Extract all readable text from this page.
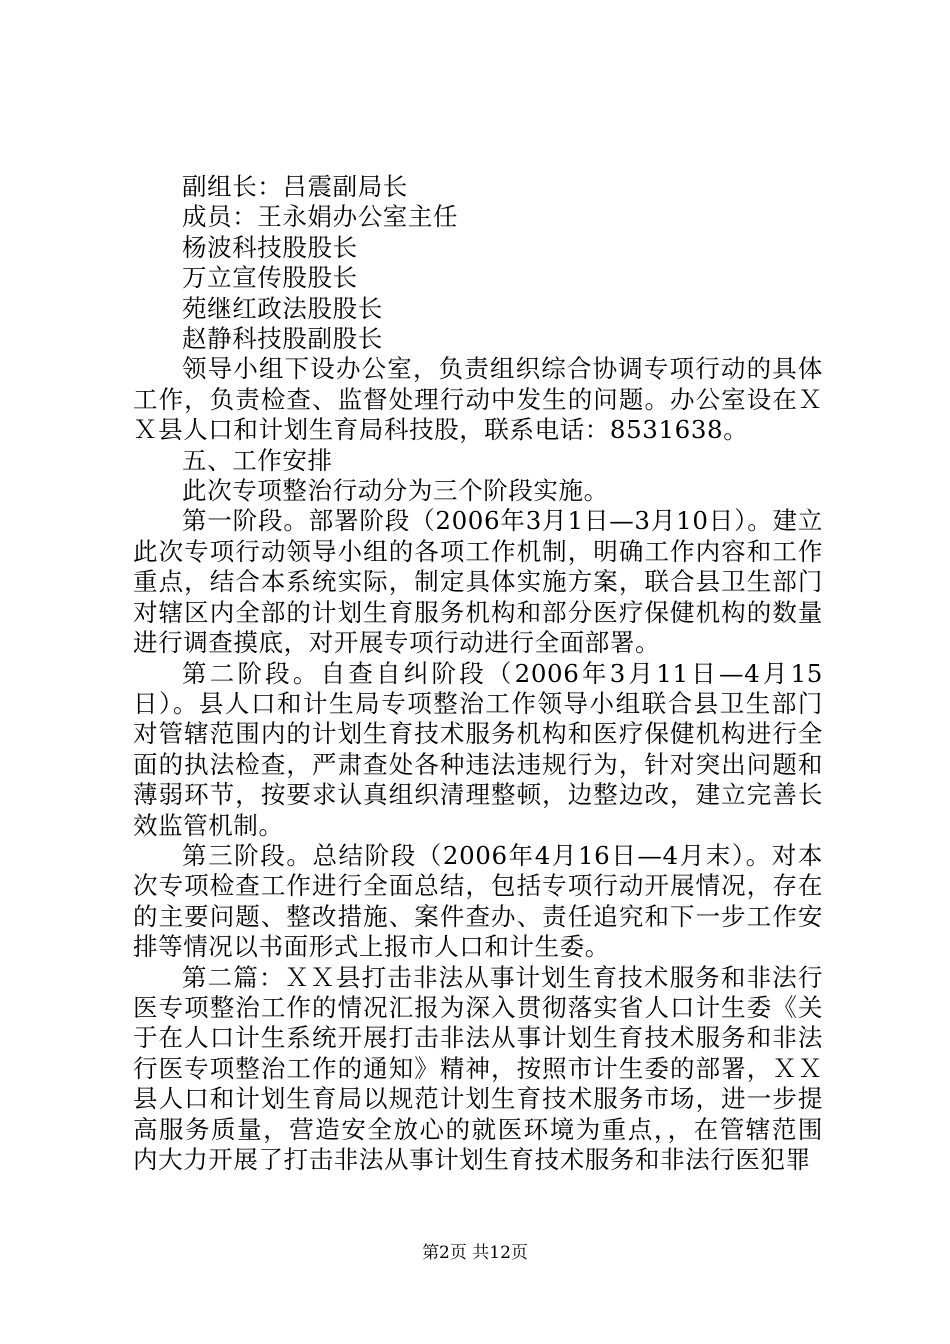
副组长：吕震副局长

成员：王永娟办公室主任

杨波科技股股长

万立宣传股股长

苑继红政法股股长

赵静科技股副股长

领导小组下设办公室，负责组织综合协调专项行动的具体工作，负责检查、监督处理行动中发生的问题。办公室设在ＸＸ县人口和计划生育局科技股，联系电话：8531638。

五、工作安排

此次专项整治行动分为三个阶段实施。

第一阶段。部署阶段（2006年3月1日—3月10日）。建立此次专项行动领导小组的各项工作机制，明确工作内容和工作重点，结合本系统实际，制定具体实施方案，联合县卫生部门对辖区内全部的计划生育服务机构和部分医疗保健机构的数量进行调查摸底，对开展专项行动进行全面部署。

第二阶段。自查自纠阶段（2006年3月11日—4月15日）。县人口和计生局专项整治工作领导小组联合县卫生部门对管辖范围内的计划生育技术服务机构和医疗保健机构进行全面的执法检查，严肃查处各种违法违规行为，针对突出问题和薄弱环节，按要求认真组织清理整顿，边整边改，建立完善长效监管机制。

第三阶段。总结阶段（2006年4月16日—4月末）。对本次专项检查工作进行全面总结，包括专项行动开展情况，存在的主要问题、整改措施、案件查办、责任追究和下一步工作安排等情况以书面形式上报市人口和计生委。

第二篇：ＸＸ县打击非法从事计划生育技术服务和非法行医专项整治工作的情况汇报为深入贯彻落实省人口计生委《关于在人口计生系统开展打击非法从事计划生育技术服务和非法行医专项整治工作的通知》精神，按照市计生委的部署，ＸＸ县人口和计划生育局以规范计划生育技术服务市场，进一步提高服务质量，营造安全放心的就医环境为重点，，在管辖范围内大力开展了打击非法从事计划生育技术服务和非法行医犯罪

第2页 共12页
